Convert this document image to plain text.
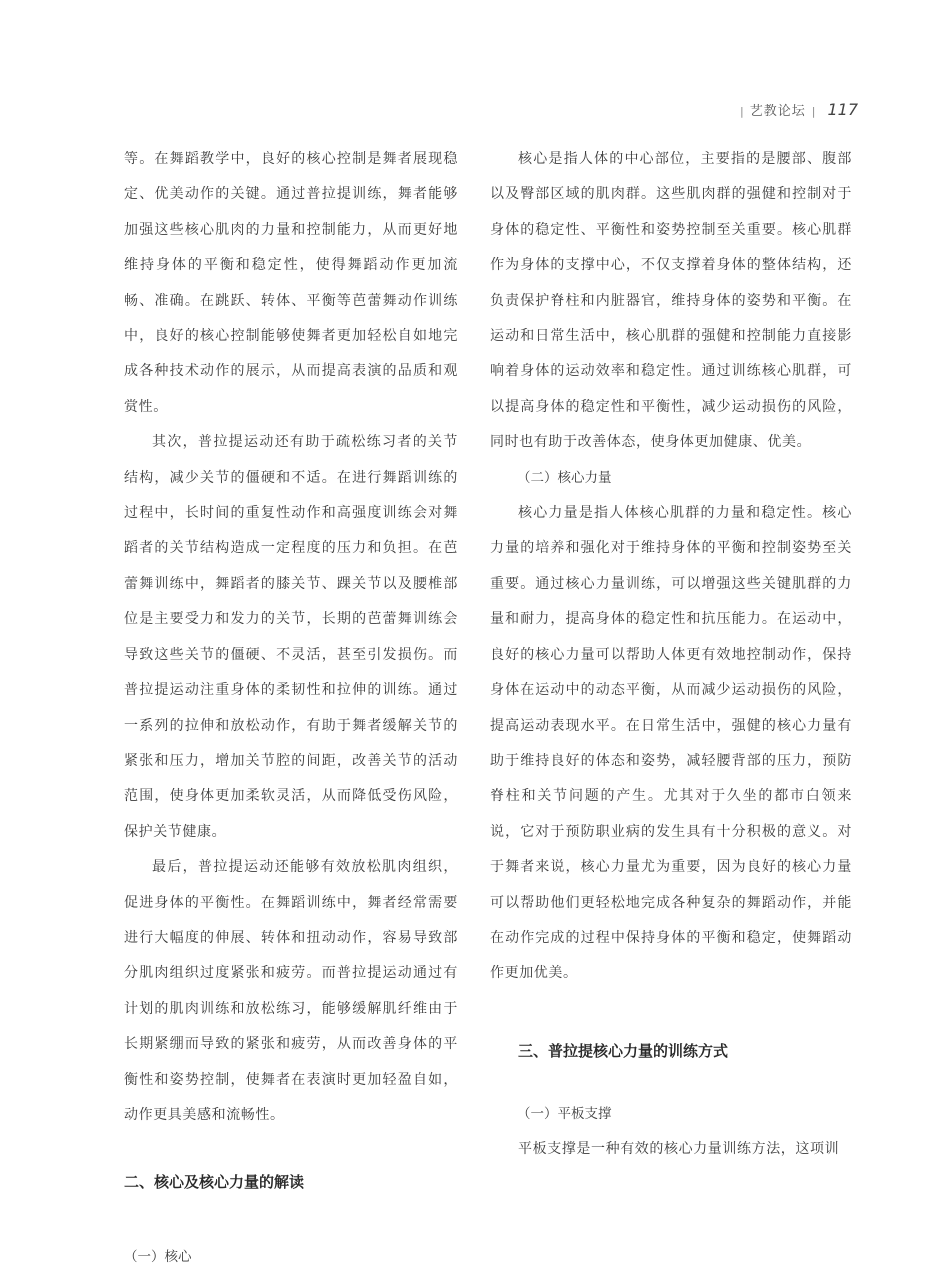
| 艺教论坛 | 117

等。在舞蹈教学中，良好的核心控制是舞者展现稳定、优美动作的关键。通过普拉提训练，舞者能够加强这些核心肌肉的力量和控制能力，从而更好地维持身体的平衡和稳定性，使得舞蹈动作更加流畅、准确。在跳跃、转体、平衡等芭蕾舞动作训练中，良好的核心控制能够使舞者更加轻松自如地完成各种技术动作的展示，从而提高表演的品质和观赏性。

其次，普拉提运动还有助于疏松练习者的关节结构，减少关节的僵硬和不适。在进行舞蹈训练的过程中，长时间的重复性动作和高强度训练会对舞蹈者的关节结构造成一定程度的压力和负担。在芭蕾舞训练中，舞蹈者的膝关节、踝关节以及腰椎部位是主要受力和发力的关节，长期的芭蕾舞训练会导致这些关节的僵硬、不灵活，甚至引发损伤。而普拉提运动注重身体的柔韧性和拉伸的训练。通过一系列的拉伸和放松动作，有助于舞者缓解关节的紧张和压力，增加关节腔的间距，改善关节的活动范围，使身体更加柔软灵活，从而降低受伤风险，保护关节健康。

最后，普拉提运动还能够有效放松肌肉组织，促进身体的平衡性。在舞蹈训练中，舞者经常需要进行大幅度的伸展、转体和扭动动作，容易导致部分肌肉组织过度紧张和疲劳。而普拉提运动通过有计划的肌肉训练和放松练习，能够缓解肌纤维由于长期紧绷而导致的紧张和疲劳，从而改善身体的平衡性和姿势控制，使舞者在表演时更加轻盈自如，动作更具美感和流畅性。

二、核心及核心力量的解读
（一）核心

核心是指人体的中心部位，主要指的是腰部、腹部以及臀部区域的肌肉群。这些肌肉群的强健和控制对于身体的稳定性、平衡性和姿势控制至关重要。核心肌群作为身体的支撑中心，不仅支撑着身体的整体结构，还负责保护脊柱和内脏器官，维持身体的姿势和平衡。在运动和日常生活中，核心肌群的强健和控制能力直接影响着身体的运动效率和稳定性。通过训练核心肌群，可以提高身体的稳定性和平衡性，减少运动损伤的风险，同时也有助于改善体态，使身体更加健康、优美。

（二）核心力量

核心力量是指人体核心肌群的力量和稳定性。核心力量的培养和强化对于维持身体的平衡和控制姿势至关重要。通过核心力量训练，可以增强这些关键肌群的力量和耐力，提高身体的稳定性和抗压能力。在运动中，良好的核心力量可以帮助人体更有效地控制动作，保持身体在运动中的动态平衡，从而减少运动损伤的风险，提高运动表现水平。在日常生活中，强健的核心力量有助于维持良好的体态和姿势，减轻腰背部的压力，预防脊柱和关节问题的产生。尤其对于久坐的都市白领来说，它对于预防职业病的发生具有十分积极的意义。对于舞者来说，核心力量尤为重要，因为良好的核心力量可以帮助他们更轻松地完成各种复杂的舞蹈动作，并能在动作完成的过程中保持身体的平衡和稳定，使舞蹈动作更加优美。

三、普拉提核心力量的训练方式
（一）平板支撑

平板支撑是一种有效的核心力量训练方法，这项训
